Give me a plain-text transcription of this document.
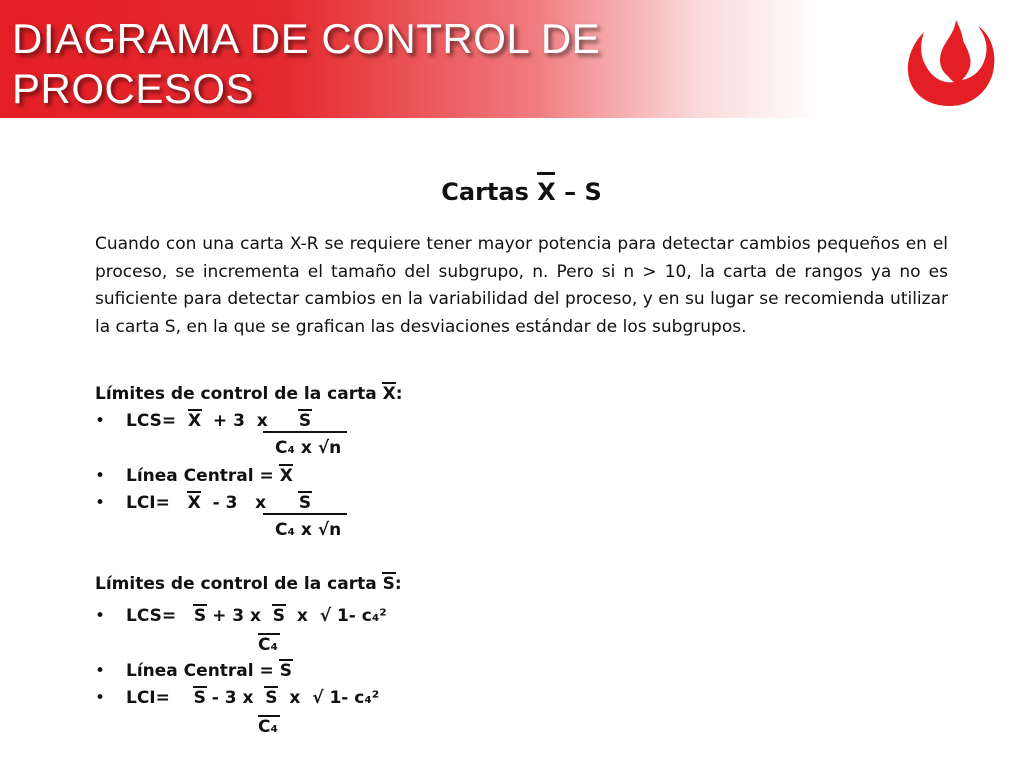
DIAGRAMA DE CONTROL DE
PROCESOS
Cartas X – S

Cuando con una carta X-R se requiere tener mayor potencia para detectar cambios pequeños en el proceso, se incrementa el tamaño del subgrupo, n. Pero si n > 10, la carta de rangos ya no es suficiente para detectar cambios en la variabilidad del proceso, y en su lugar se recomienda utilizar la carta S, en la que se grafican las desviaciones estándar de los subgrupos.

Límites de control de la carta X:
• LCS= X + 3  x	S
C₄ x √n
• Línea Central = X
• LCI= X - 3   x	S
C₄ x √n
Límites de control de la carta S:
• LCS= S + 3 x S x √ 1- c₄²
C₄
• Línea Central = S
• LCI= S - 3 x S x √ 1- c₄²
C₄
